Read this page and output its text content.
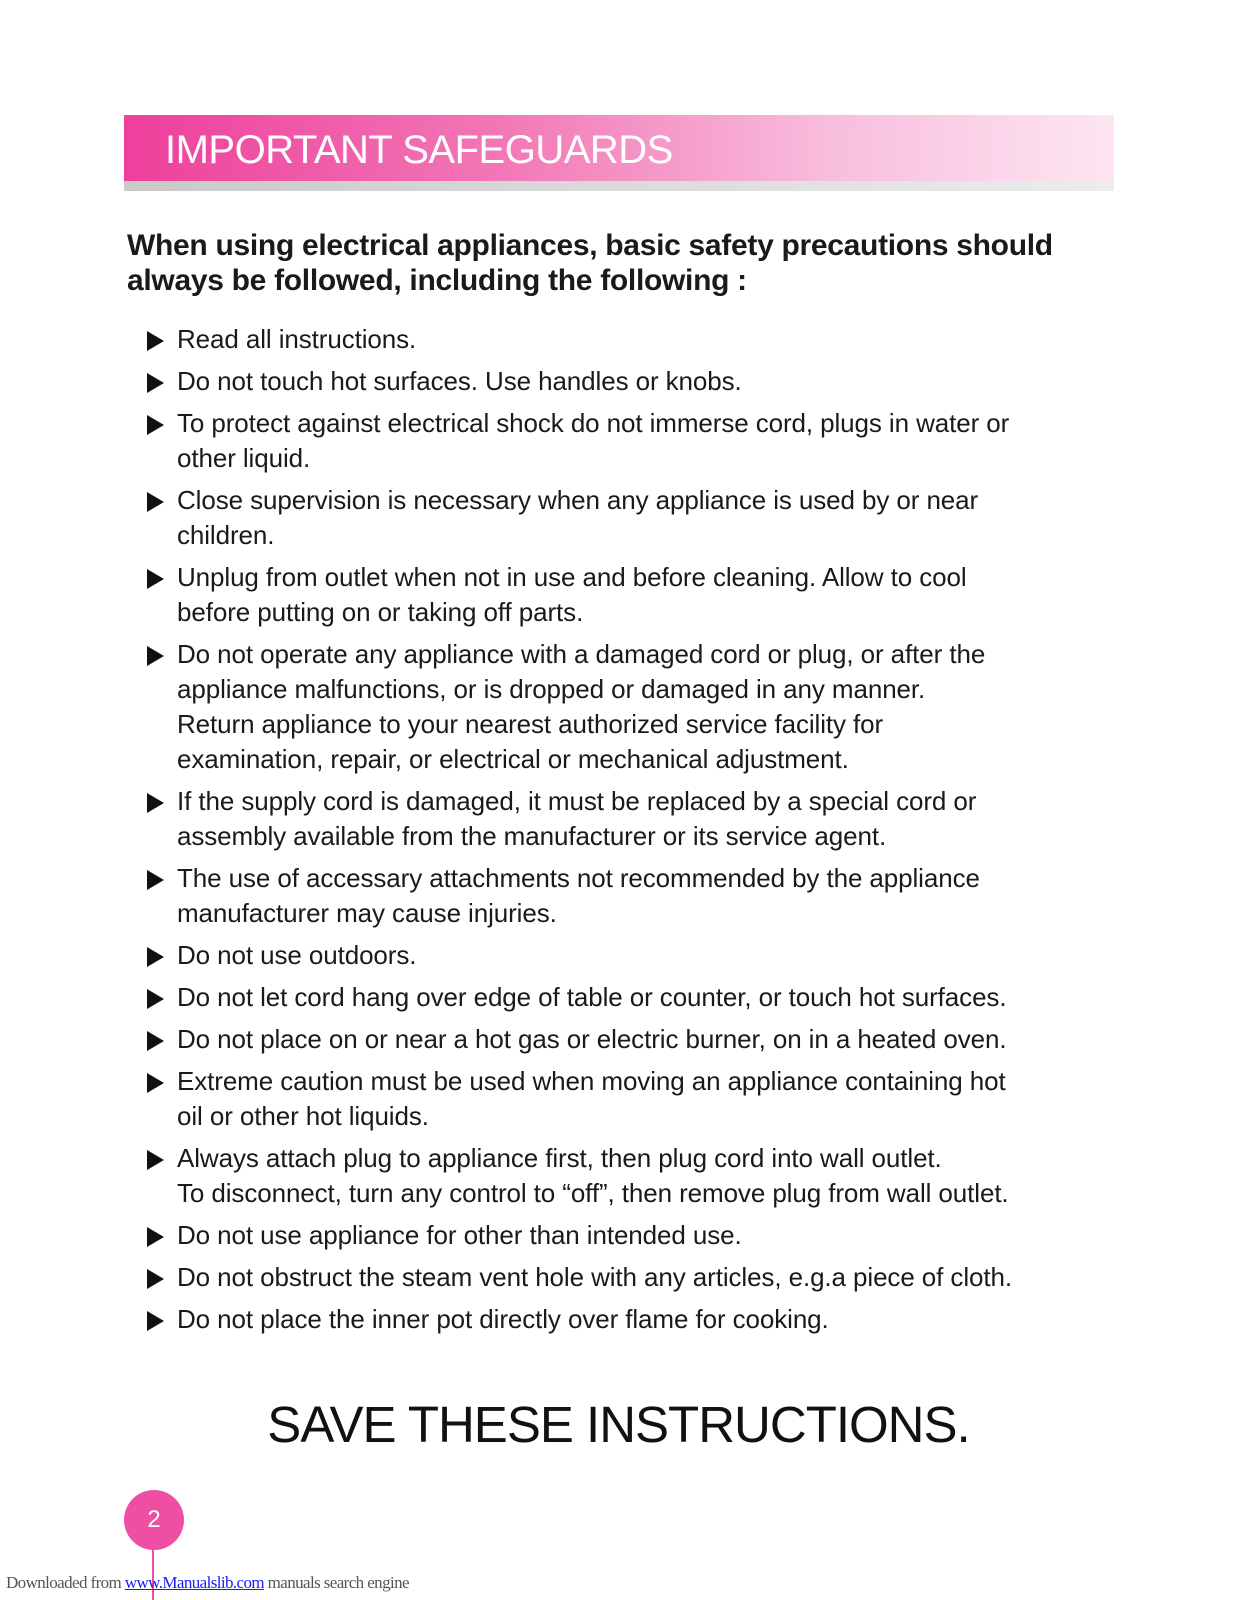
IMPORTANT SAFEGUARDS
When using electrical appliances, basic safety precautions should always be followed, including the following :
Read all instructions.
Do not touch hot surfaces. Use handles or knobs.
To protect against electrical shock do not immerse cord, plugs in water or
other liquid.
Close supervision is necessary when any appliance is used by or near
children.
Unplug from outlet when not in use and before cleaning. Allow to cool
before putting on or taking off parts.
Do not operate any appliance with a damaged cord or plug, or after the
appliance malfunctions, or is dropped or damaged in any manner.
Return appliance to your nearest authorized service facility for
examination, repair, or electrical or mechanical adjustment.
If the supply cord is damaged, it must be replaced by a special cord or
assembly available from the manufacturer or its service agent.
The use of accessary attachments not recommended by the appliance
manufacturer may cause injuries.
Do not use outdoors.
Do not let cord hang over edge of table or counter, or touch hot surfaces.
Do not place on or near a hot gas or electric burner, on in a heated oven.
Extreme caution must be used when moving an appliance containing hot
oil or other hot liquids.
Always attach plug to appliance first, then plug cord into wall outlet.
To disconnect, turn any control to “off”, then remove plug from wall outlet.
Do not use appliance for other than intended use.
Do not obstruct the steam vent hole with any articles, e.g.a piece of cloth.
Do not place the inner pot directly over flame for cooking.
SAVE THESE INSTRUCTIONS.
2
Downloaded from www.Manualslib.com manuals search engine
